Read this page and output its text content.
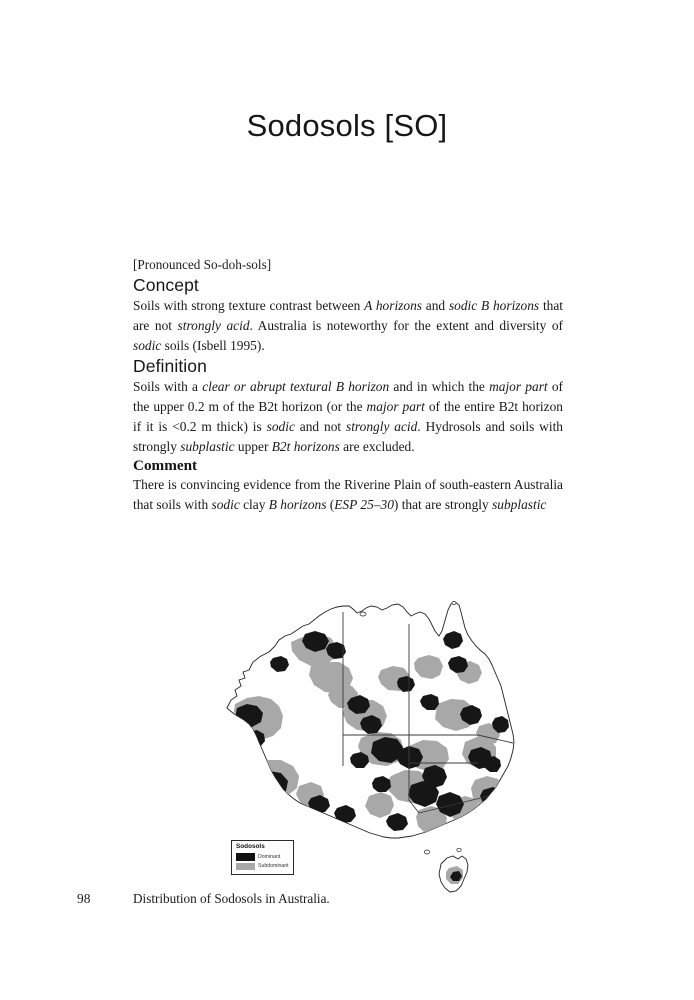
Sodosols [SO]

[Pronounced So-doh-sols]

Concept

Soils with strong texture contrast between A horizons and sodic B horizons that are not strongly acid. Australia is noteworthy for the extent and diversity of sodic soils (Isbell 1995).

Definition

Soils with a clear or abrupt textural B horizon and in which the major part of the upper 0.2 m of the B2t horizon (or the major part of the entire B2t horizon if it is <0.2 m thick) is sodic and not strongly acid. Hydrosols and soils with strongly subplastic upper B2t horizons are excluded.

Comment

There is convincing evidence from the Riverine Plain of south-eastern Australia that soils with sodic clay B horizons (ESP 25–30) that are strongly subplastic

Sodosols
Dominant
Subdominant
98	Distribution of Sodosols in Australia.
